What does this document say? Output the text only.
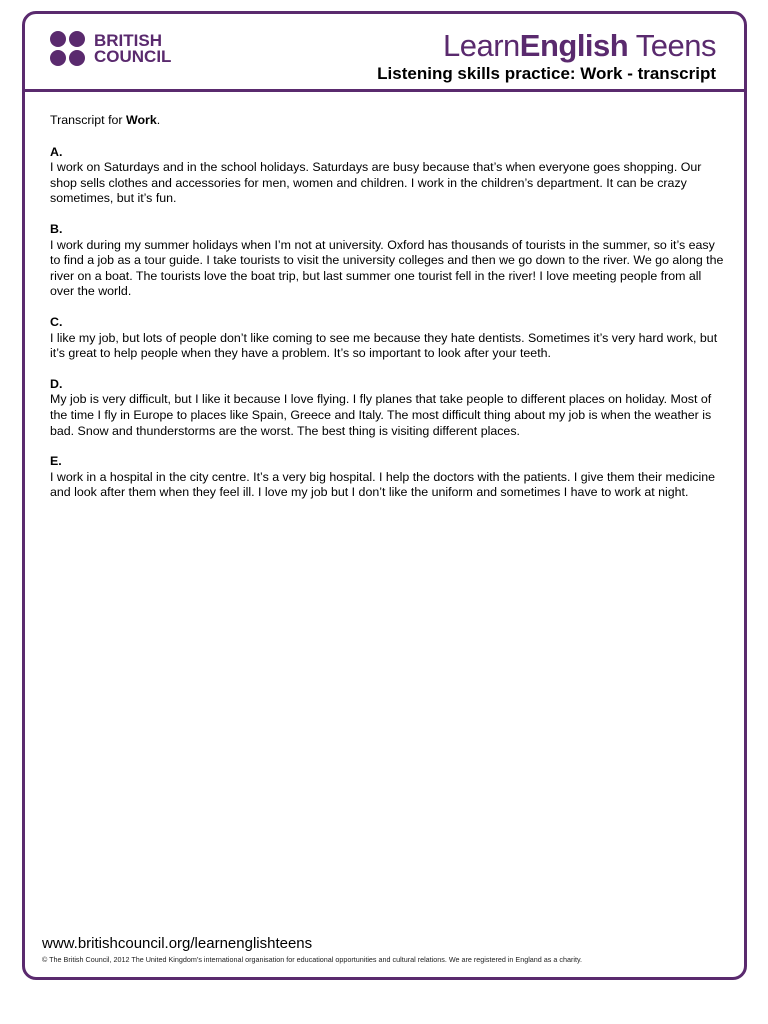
BRITISH
COUNCIL	LearnEnglish Teens
Listening skills practice: Work - transcript

Transcript for Work.

A.

I work on Saturdays and in the school holidays. Saturdays are busy because that’s when everyone goes shopping. Our shop sells clothes and accessories for men, women and children. I work in the children’s department. It can be crazy sometimes, but it’s fun.

B.

I work during my summer holidays when I’m not at university. Oxford has thousands of tourists in the summer, so it’s easy to find a job as a tour guide. I take tourists to visit the university colleges and then we go down to the river. We go along the river on a boat. The tourists love the boat trip, but last summer one tourist fell in the river! I love meeting people from all over the world.

C.

I like my job, but lots of people don’t like coming to see me because they hate dentists. Sometimes it’s very hard work, but it’s great to help people when they have a problem. It’s so important to look after your teeth.

D.

My job is very difficult, but I like it because I love flying. I fly planes that take people to different places on holiday. Most of the time I fly in Europe to places like Spain, Greece and Italy. The most difficult thing about my job is when the weather is bad. Snow and thunderstorms are the worst. The best thing is visiting different places.

E.

I work in a hospital in the city centre. It’s a very big hospital. I help the doctors with the patients. I give them their medicine and look after them when they feel ill. I love my job but I don’t like the uniform and sometimes I have to work at night.

www.britishcouncil.org/learnenglishteens
© The British Council, 2012 The United Kingdom’s international organisation for educational opportunities and cultural relations. We are registered in England as a charity.
